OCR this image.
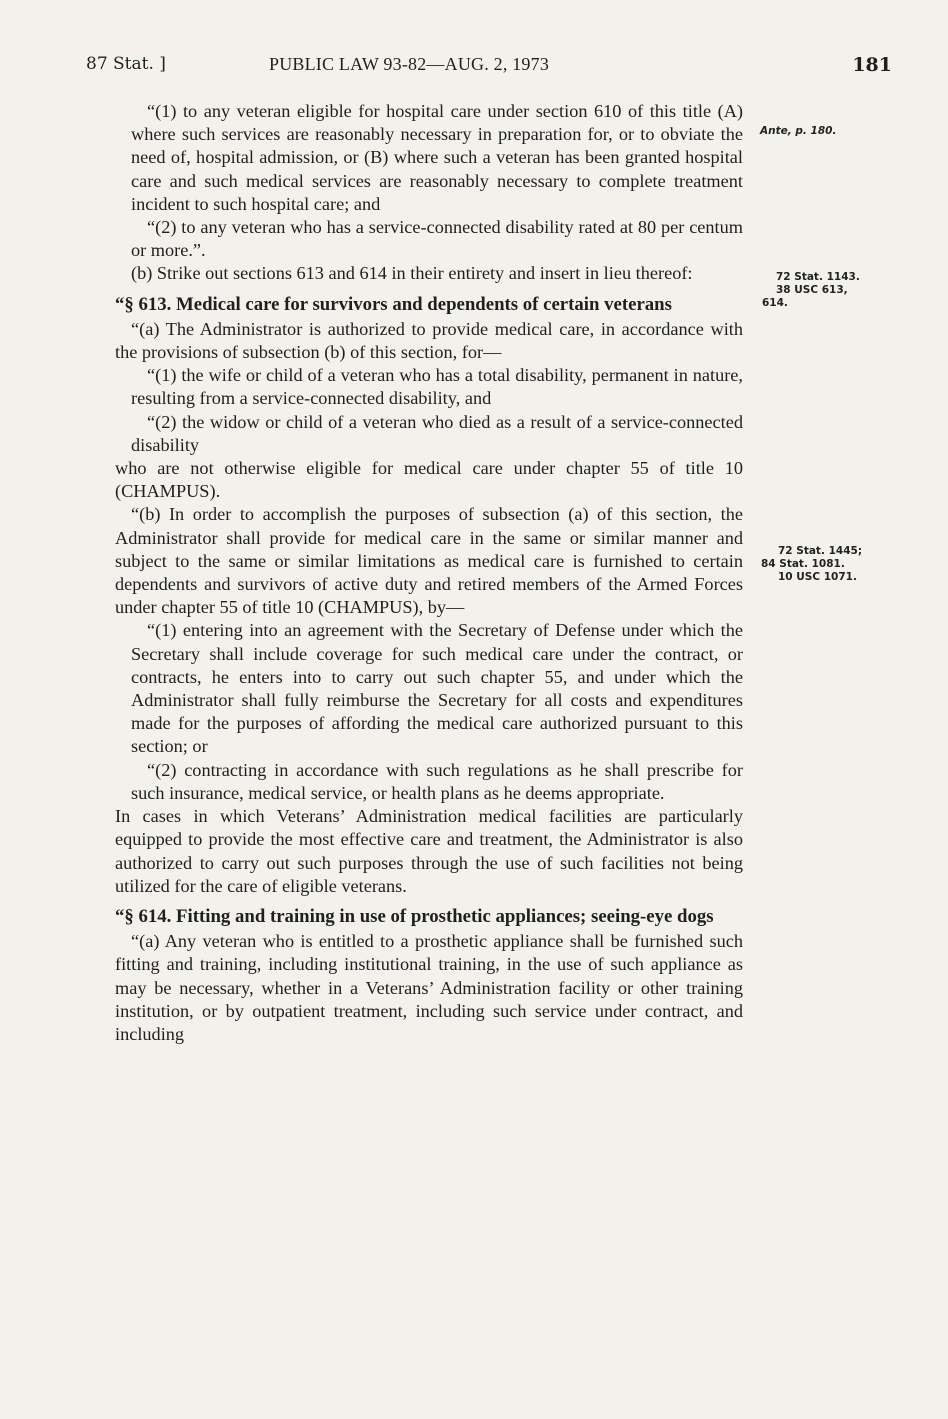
87 Stat. ]	PUBLIC LAW 93-82—AUG. 2, 1973	181
Ante, p. 180.
72 Stat. 1143.
38 USC 613,
614.
72 Stat. 1445;
84 Stat. 1081.
10 USC 1071.

“(1) to any veteran eligible for hospital care under section 610 of this title (A) where such services are reasonably necessary in preparation for, or to obviate the need of, hospital admission, or (B) where such a veteran has been granted hospital care and such medical services are reasonably necessary to complete treatment incident to such hospital care; and

“(2) to any veteran who has a service-connected disability rated at 80 per centum or more.”.

(b) Strike out sections 613 and 614 in their entirety and insert in lieu thereof:

“§ 613. Medical care for survivors and dependents of certain veterans

“(a) The Administrator is authorized to provide medical care, in accordance with the provisions of subsection (b) of this section, for—

“(1) the wife or child of a veteran who has a total disability, permanent in nature, resulting from a service-connected disability, and

“(2) the widow or child of a veteran who died as a result of a service-connected disability

who are not otherwise eligible for medical care under chapter 55 of title 10 (CHAMPUS).

“(b) In order to accomplish the purposes of subsection (a) of this section, the Administrator shall provide for medical care in the same or similar manner and subject to the same or similar limitations as medical care is furnished to certain dependents and survivors of active duty and retired members of the Armed Forces under chapter 55 of title 10 (CHAMPUS), by—

“(1) entering into an agreement with the Secretary of Defense under which the Secretary shall include coverage for such medical care under the contract, or contracts, he enters into to carry out such chapter 55, and under which the Administrator shall fully reimburse the Secretary for all costs and expenditures made for the purposes of affording the medical care authorized pursuant to this section; or

“(2) contracting in accordance with such regulations as he shall prescribe for such insurance, medical service, or health plans as he deems appropriate.

In cases in which Veterans’ Administration medical facilities are particularly equipped to provide the most effective care and treatment, the Administrator is also authorized to carry out such purposes through the use of such facilities not being utilized for the care of eligible veterans.

“§ 614. Fitting and training in use of prosthetic appliances; seeing-eye dogs

“(a) Any veteran who is entitled to a prosthetic appliance shall be furnished such fitting and training, including institutional training, in the use of such appliance as may be necessary, whether in a Veterans’ Administration facility or other training institution, or by outpatient treatment, including such service under contract, and including
